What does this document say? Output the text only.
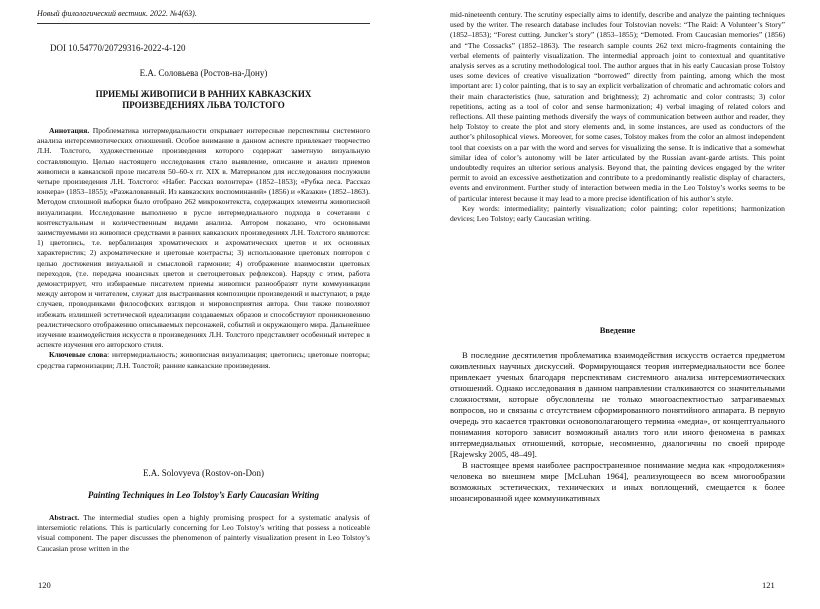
Новый филологический вестник. 2022. №4(63).
DOI 10.54770/20729316-2022-4-120
Е.А. Соловьева (Ростов-на-Дону)
ПРИЕМЫ ЖИВОПИСИ В РАННИХ КАВКАЗСКИХ
ПРОИЗВЕДЕНИЯХ ЛЬВА ТОЛСТОГО

Аннотация. Проблематика интермедиальности открывает интересные перспективы системного анализа интерсемиотических отношений. Особое внимание в данном аспекте привлекает творчество Л.Н. Толстого, художественные произведения которого содержат заметную визуальную составляющую. Целью настоящего исследования стало выявление, описание и анализ приемов живописи в кавказской прозе писателя 50–60-х гг. XIX в. Материалом для исследования послужили четыре произведения Л.Н. Толстого: «Набег. Рассказ волонтера» (1852–1853); «Рубка леса. Рассказ юнкера» (1853–1855); «Разжалованный. Из кавказских воспоминаний» (1856) и «Казаки» (1852–1863). Методом сплошной выборки было отобрано 262 микроконтекста, содержащих элементы живописной визуализации. Исследование выполнено в русле интермедиального подхода в сочетании с контекстуальным и количественным видами анализа. Автором показано, что основными заимствуемыми из живописи средствами в ранних кавказских произведениях Л.Н. Толстого являются: 1) цветопись, т.е. вербализация хроматических и ахроматических цветов и их основных характеристик; 2) ахроматические и цветовые контрасты; 3) использование цветовых повторов с целью достижения визуальной и смысловой гармонии; 4) отображение взаимосвязи цветовых переходов, (т.е. передача нюансных цветов и светоцветовых рефлексов). Наряду с этим, работа демонстрирует, что избираемые писателем приемы живописи разнообразят пути коммуникации между автором и читателем, служат для выстраивания композиции произведений и выступают, в ряде случаев, проводниками философских взглядов и мировосприятия автора. Они также позволяют избежать излишней эстетической идеализации создаваемых образов и способствуют проникновению реалистического отображению описываемых персонажей, событий и окружающего мира. Дальнейшее изучение взаимодействия искусств в произведениях Л.Н. Толстого представляет особенный интерес в аспекте изучения его авторского стиля.

Ключевые слова: интермедиальность; живописная визуализация; цветопись; цветовые повторы; средства гармонизации; Л.Н. Толстой; ранние кавказские произведения.

E.A. Solovyeva (Rostov-on-Don)
Painting Techniques in Leo Tolstoy’s Early Caucasian Writing

Abstract. The intermedial studies open a highly promising prospect for a systematic analysis of intersemiotic relations. This is particularly concerning for Leo Tolstoy’s writing that possess a noticeable visual component. The paper discusses the phenomenon of painterly visualization present in Leo Tolstoy’s Caucasian prose written in the

120

mid-nineteenth century. The scrutiny especially aims to identify, describe and analyze the painting techniques used by the writer. The research database includes four Tolstovian novels: “The Raid: A Volunteer’s Story” (1852–1853); “Forest cutting. Juncker’s story” (1853–1855); “Demoted. From Caucasian memories” (1856) and “The Cossacks” (1852–1863). The research sample counts 262 text micro-fragments containing the verbal elements of painterly visualization. The intermedial approach joint to contextual and quantitative analysis serves as a scrutiny methodological tool. The author argues that in his early Caucasian prose Tolstoy uses some devices of creative visualization “borrowed” directly from painting, among which the most important are: 1) color painting, that is to say an explicit verbalization of chromatic and achromatic colors and their main characteristics (hue, saturation and brightness); 2) achromatic and color contrasts; 3) color repetitions, acting as a tool of color and sense harmonization; 4) verbal imaging of related colors and reflections. All these painting methods diversify the ways of communication between author and reader, they help Tolstoy to create the plot and story elements and, in some instances, are used as conductors of the author’s philosophical views. Moreover, for some cases, Tolstoy makes from the color an almost independent tool that coexists on a par with the word and serves for visualizing the sense. It is indicative that a somewhat similar idea of color’s autonomy will be later articulated by the Russian avant-garde artists. This point undoubtedly requires an ulterior serious analysis. Beyond that, the painting devices engaged by the writer permit to avoid an excessive aesthetization and contribute to a predominantly realistic display of characters, events and environment. Further study of interaction between media in the Leo Tolstoy’s works seems to be of particular interest because it may lead to a more precise identification of his author’s style.

Key words: intermediality; painterly visualization; color painting; color repetitions; harmonization devices; Leo Tolstoy; early Caucasian writing.

Введение

В последние десятилетия проблематика взаимодействия искусств остается предметом оживленных научных дискуссий. Формирующаяся теория интермедиальности все более привлекает ученых благодаря перспективам системного анализа интерсемиотических отношений. Однако исследования в данном направлении сталкиваются со значительными сложностями, которые обусловлены не только многоаспектностью затрагиваемых вопросов, но и связаны с отсутствием сформированного понятийного аппарата. В первую очередь это касается трактовки основополагающего термина «медиа», от концептуального понимания которого зависит возможный анализ того или иного феномена в рамках интермедиальных отношений, которые, несомненно, диалогичны по своей природе [Rajewsky 2005, 48–49].

В настоящее время наиболее распространенное понимание медиа как «продолжения» человека во внешнем мире [McLuhan 1964], реализующееся во всем многообразии возможных эстетических, технических и иных воплощений, смещается к более нюансированной идее коммуникативных

121
